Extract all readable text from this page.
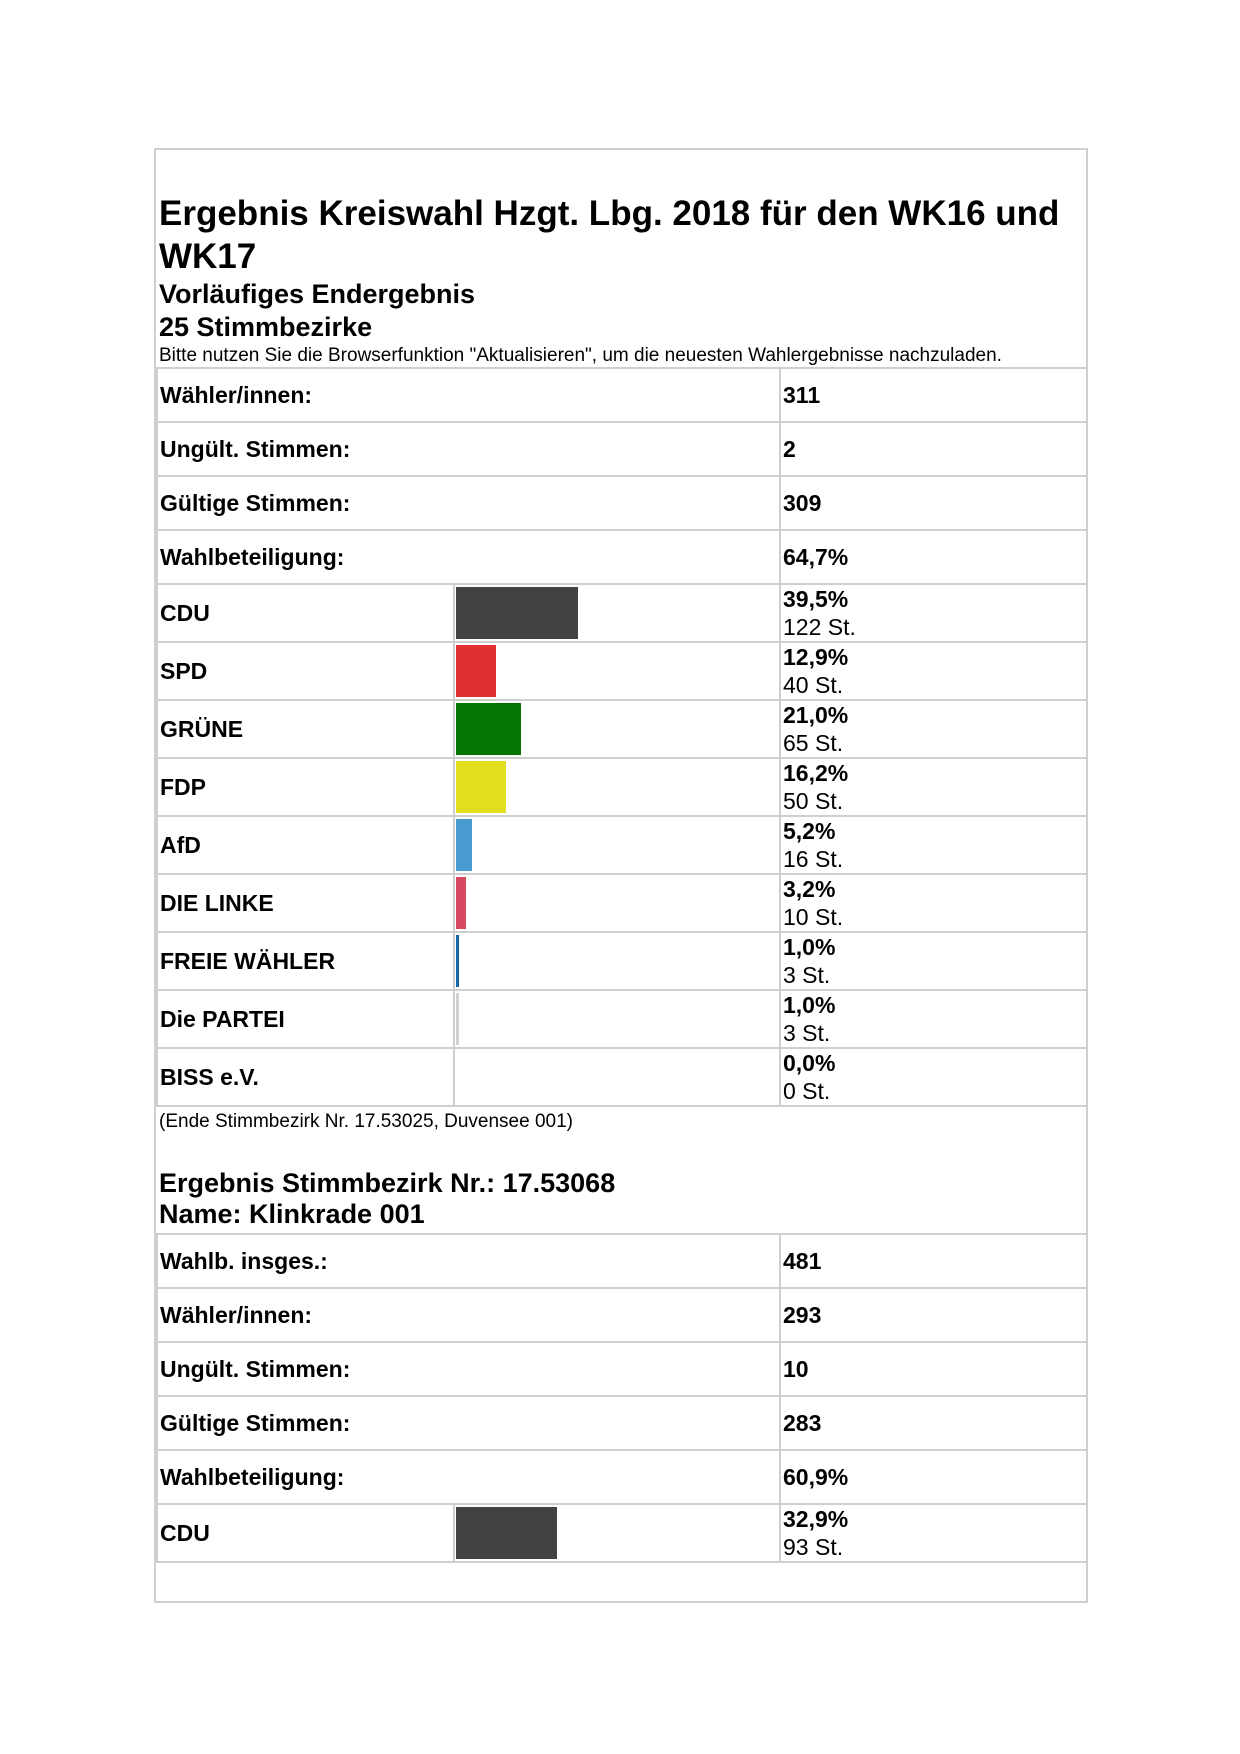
Ergebnis Kreiswahl Hzgt. Lbg. 2018 für den WK16 und WK17
Vorläufiges Endergebnis
25 Stimmbezirke
Bitte nutzen Sie die Browserfunktion "Aktualisieren", um die neuesten Wahlergebnisse nachzuladen.
Wähler/innen:		311
Ungült. Stimmen:		2
Gültige Stimmen:		309
Wahlbeteiligung:		64,7%
CDU		39,5%
122 St.

SPD		12,9%
40 St.

GRÜNE		21,0%
65 St.

FDP		16,2%
50 St.

AfD		5,2%
16 St.

DIE LINKE		3,2%
10 St.

FREIE WÄHLER		1,0%
3 St.

Die PARTEI		1,0%
3 St.

BISS e.V.		0,0%
0 St.
(Ende Stimmbezirk Nr. 17.53025, Duvensee 001)
Ergebnis Stimmbezirk Nr.: 17.53068
Name: Klinkrade 001
Wahlb. insges.:		481
Wähler/innen:		293
Ungült. Stimmen:		10
Gültige Stimmen:		283
Wahlbeteiligung:		60,9%
CDU		32,9%
93 St.
